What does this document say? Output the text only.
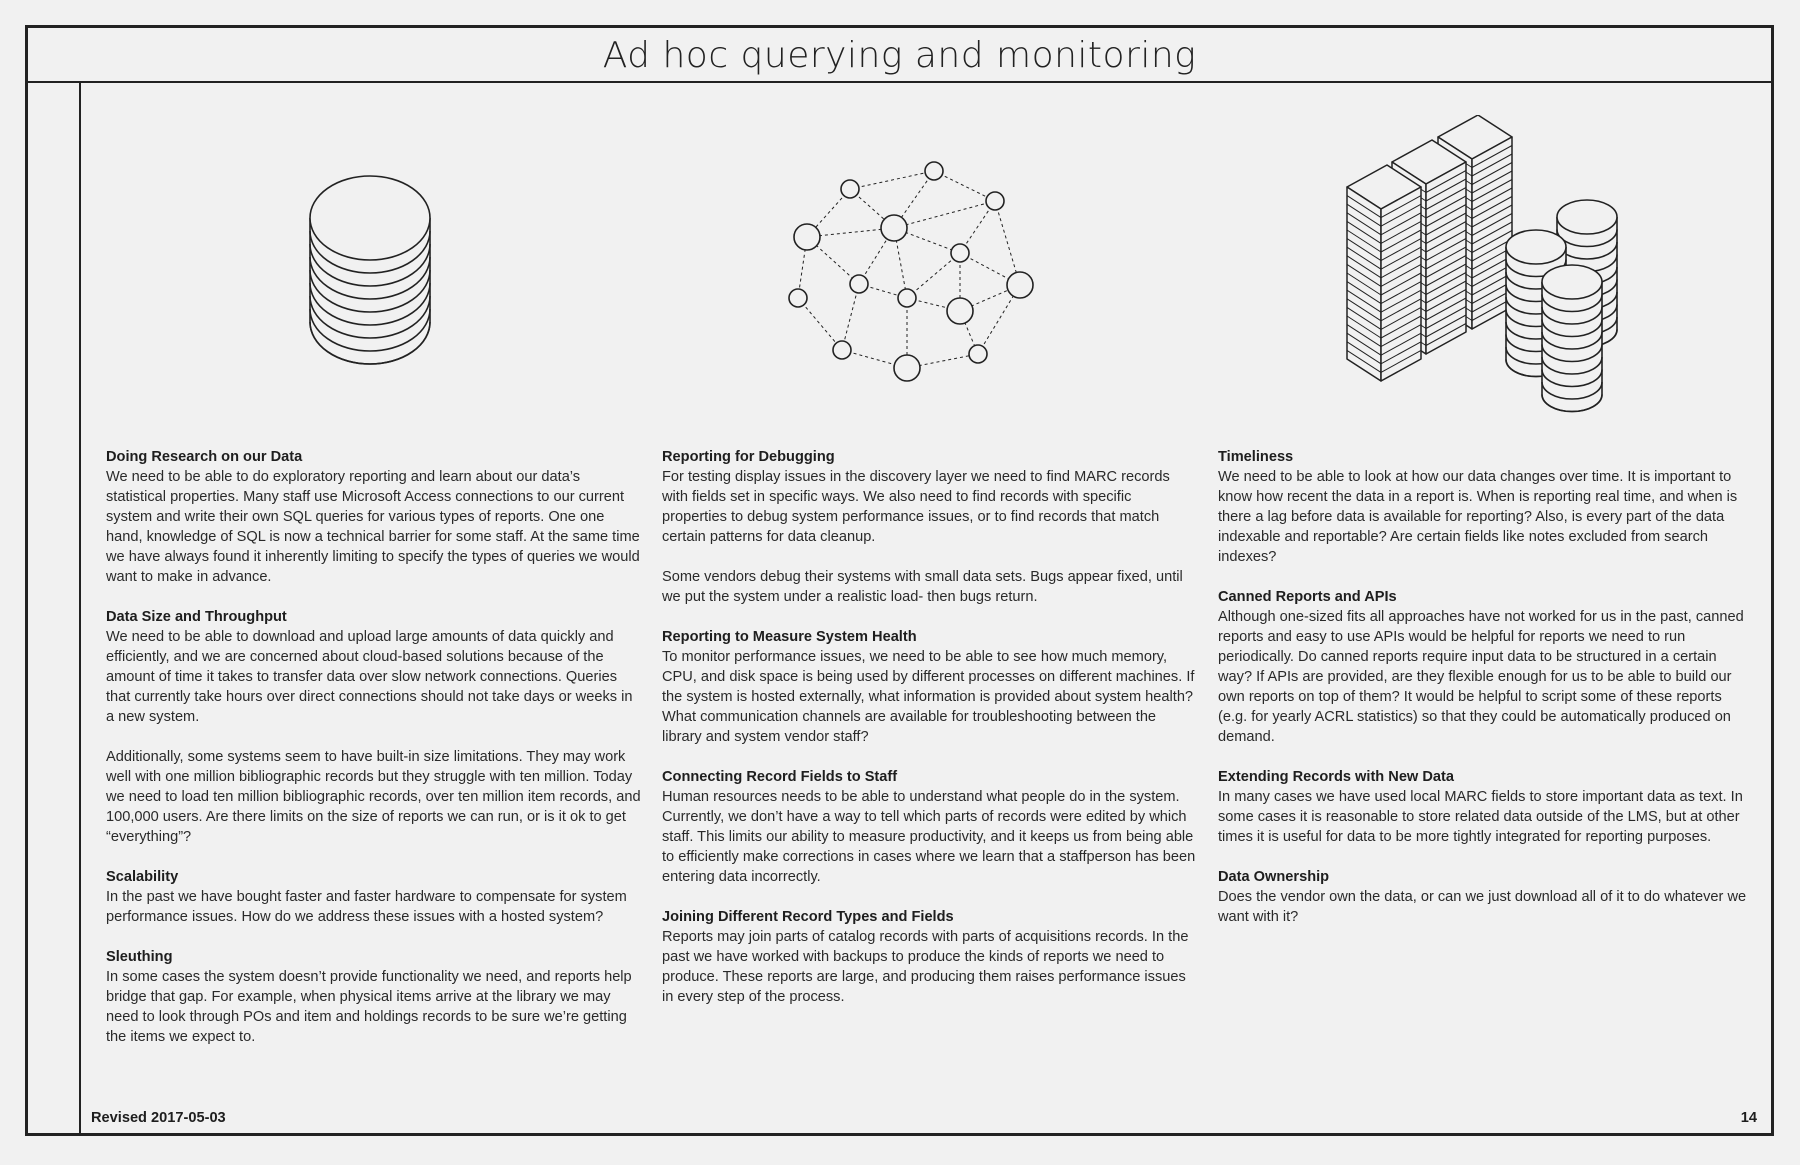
Ad hoc querying and monitoring
Doing Research on our Data

We need to be able to do exploratory reporting and learn about our data’s statistical properties. Many staff use Microsoft Access connections to our current system and write their own SQL queries for various types of reports. One one hand, knowledge of SQL is now a technical barrier for some staff. At the same time we have always found it inherently limiting to specify the types of queries we would want to make in advance.

Data Size and Throughput

We need to be able to download and upload large amounts of data quickly and efficiently, and we are concerned about cloud-based solutions because of the amount of time it takes to transfer data over slow network connections. Queries that currently take hours over direct connections should not take days or weeks in a new system.

Additionally, some systems seem to have built-in size limitations. They may work well with one million bibliographic records but they struggle with ten million. Today we need to load ten million bibliographic records, over ten million item records, and 100,000 users. Are there limits on the size of reports we can run, or is it ok to get “everything”?

Scalability

In the past we have bought faster and faster hardware to compensate for system performance issues. How do we address these issues with a hosted system?

Sleuthing

In some cases the system doesn’t provide functionality we need, and reports help bridge that gap. For example, when physical items arrive at the library we may need to look through POs and item and holdings records to be sure we’re getting the items we expect to.

Reporting for Debugging

For testing display issues in the discovery layer we need to find MARC records with fields set in specific ways. We also need to find records with specific properties to debug system performance issues, or to find records that match certain patterns for data cleanup.

Some vendors debug their systems with small data sets. Bugs appear fixed, until we put the system under a realistic load- then bugs return.

Reporting to Measure System Health

To monitor performance issues, we need to be able to see how much memory, CPU, and disk space is being used by different processes on different machines. If the system is hosted externally, what information is provided about system health? What communication channels are available for troubleshooting between the library and system vendor staff?

Connecting Record Fields to Staff

Human resources needs to be able to understand what people do in the system. Currently, we don’t have a way to tell which parts of records were edited by which staff. This limits our ability to measure productivity, and it keeps us from being able to efficiently make corrections in cases where we learn that a staffperson has been entering data incorrectly.

Joining Different Record Types and Fields

Reports may join parts of catalog records with parts of acquisitions records. In the past we have worked with backups to produce the kinds of reports we need to produce. These reports are large, and producing them raises performance issues in every step of the process.

Timeliness

We need to be able to look at how our data changes over time. It is important to know how recent the data in a report is. When is reporting real time, and when is there a lag before data is available for reporting? Also, is every part of the data indexable and reportable? Are certain fields like notes excluded from search indexes?

Canned Reports and APIs

Although one-sized fits all approaches have not worked for us in the past, canned reports and easy to use APIs would be helpful for reports we need to run periodically. Do canned reports require input data to be structured in a certain way? If APIs are provided, are they flexible enough for us to be able to build our own reports on top of them? It would be helpful to script some of these reports (e.g. for yearly ACRL statistics) so that they could be automatically produced on demand.

Extending Records with New Data

In many cases we have used local MARC fields to store important data as text. In some cases it is reasonable to store related data outside of the LMS, but at other times it is useful for data to be more tightly integrated for reporting purposes.

Data Ownership

Does the vendor own the data, or can we just download all of it to do whatever we want with it?

Revised 2017-05-03	14
